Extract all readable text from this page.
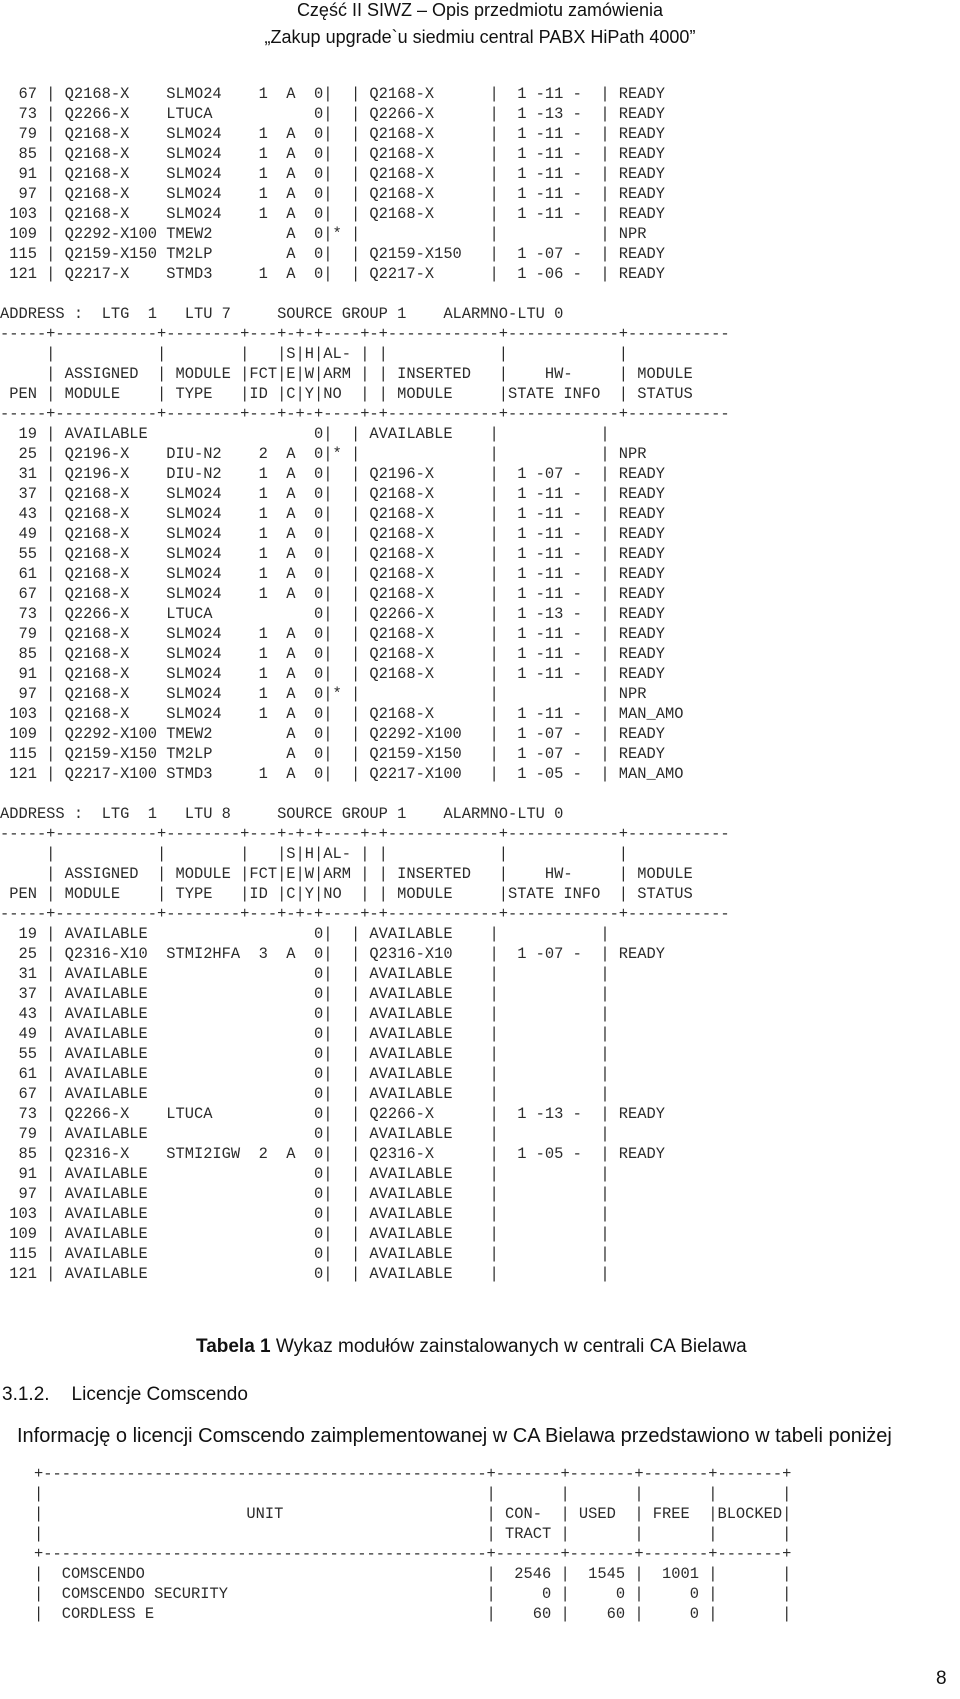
Część II SIWZ – Opis przedmiotu zamówienia
„Zakup upgrade`u siedmiu central PABX HiPath 4000”
67 | Q2168-X    SLMO24    1  A  0|  | Q2168-X      |  1 -11 -  | READY
73 | Q2266-X    LTUCA           0|  | Q2266-X      |  1 -13 -  | READY
79 | Q2168-X    SLMO24    1  A  0|  | Q2168-X      |  1 -11 -  | READY
85 | Q2168-X    SLMO24    1  A  0|  | Q2168-X      |  1 -11 -  | READY
91 | Q2168-X    SLMO24    1  A  0|  | Q2168-X      |  1 -11 -  | READY
97 | Q2168-X    SLMO24    1  A  0|  | Q2168-X      |  1 -11 -  | READY
103 | Q2168-X    SLMO24    1  A  0|  | Q2168-X      |  1 -11 -  | READY
109 | Q2292-X100 TMEW2        A  0|* |              |           | NPR
115 | Q2159-X150 TM2LP        A  0|  | Q2159-X150   |  1 -07 -  | READY
121 | Q2217-X    STMD3     1  A  0|  | Q2217-X      |  1 -06 -  | READY
ADDRESS :  LTG  1   LTU 7     SOURCE GROUP 1    ALARMNO-LTU 0
-----+-----------+--------+---+-+-+----+-+------------+------------+-----------
|           |        |   |S|H|AL- | |            |            |
| ASSIGNED  | MODULE |FCT|E|W|ARM | | INSERTED   |    HW-     | MODULE
PEN | MODULE    | TYPE   |ID |C|Y|NO  | | MODULE     |STATE INFO  | STATUS
-----+-----------+--------+---+-+-+----+-+------------+------------+-----------
19 | AVAILABLE                  0|  | AVAILABLE    |           |
25 | Q2196-X    DIU-N2    2  A  0|* |              |           | NPR
31 | Q2196-X    DIU-N2    1  A  0|  | Q2196-X      |  1 -07 -  | READY
37 | Q2168-X    SLMO24    1  A  0|  | Q2168-X      |  1 -11 -  | READY
43 | Q2168-X    SLMO24    1  A  0|  | Q2168-X      |  1 -11 -  | READY
49 | Q2168-X    SLMO24    1  A  0|  | Q2168-X      |  1 -11 -  | READY
55 | Q2168-X    SLMO24    1  A  0|  | Q2168-X      |  1 -11 -  | READY
61 | Q2168-X    SLMO24    1  A  0|  | Q2168-X      |  1 -11 -  | READY
67 | Q2168-X    SLMO24    1  A  0|  | Q2168-X      |  1 -11 -  | READY
73 | Q2266-X    LTUCA           0|  | Q2266-X      |  1 -13 -  | READY
79 | Q2168-X    SLMO24    1  A  0|  | Q2168-X      |  1 -11 -  | READY
85 | Q2168-X    SLMO24    1  A  0|  | Q2168-X      |  1 -11 -  | READY
91 | Q2168-X    SLMO24    1  A  0|  | Q2168-X      |  1 -11 -  | READY
97 | Q2168-X    SLMO24    1  A  0|* |              |           | NPR
103 | Q2168-X    SLMO24    1  A  0|  | Q2168-X      |  1 -11 -  | MAN_AMO
109 | Q2292-X100 TMEW2        A  0|  | Q2292-X100   |  1 -07 -  | READY
115 | Q2159-X150 TM2LP        A  0|  | Q2159-X150   |  1 -07 -  | READY
121 | Q2217-X100 STMD3     1  A  0|  | Q2217-X100   |  1 -05 -  | MAN_AMO
ADDRESS :  LTG  1   LTU 8     SOURCE GROUP 1    ALARMNO-LTU 0
-----+-----------+--------+---+-+-+----+-+------------+------------+-----------
|           |        |   |S|H|AL- | |            |            |
| ASSIGNED  | MODULE |FCT|E|W|ARM | | INSERTED   |    HW-     | MODULE
PEN | MODULE    | TYPE   |ID |C|Y|NO  | | MODULE     |STATE INFO  | STATUS
-----+-----------+--------+---+-+-+----+-+------------+------------+-----------
19 | AVAILABLE                  0|  | AVAILABLE    |           |
25 | Q2316-X10  STMI2HFA  3  A  0|  | Q2316-X10    |  1 -07 -  | READY
31 | AVAILABLE                  0|  | AVAILABLE    |           |
37 | AVAILABLE                  0|  | AVAILABLE    |           |
43 | AVAILABLE                  0|  | AVAILABLE    |           |
49 | AVAILABLE                  0|  | AVAILABLE    |           |
55 | AVAILABLE                  0|  | AVAILABLE    |           |
61 | AVAILABLE                  0|  | AVAILABLE    |           |
67 | AVAILABLE                  0|  | AVAILABLE    |           |
73 | Q2266-X    LTUCA           0|  | Q2266-X      |  1 -13 -  | READY
79 | AVAILABLE                  0|  | AVAILABLE    |           |
85 | Q2316-X    STMI2IGW  2  A  0|  | Q2316-X      |  1 -05 -  | READY
91 | AVAILABLE                  0|  | AVAILABLE    |           |
97 | AVAILABLE                  0|  | AVAILABLE    |           |
103 | AVAILABLE                  0|  | AVAILABLE    |           |
109 | AVAILABLE                  0|  | AVAILABLE    |           |
115 | AVAILABLE                  0|  | AVAILABLE    |           |
121 | AVAILABLE                  0|  | AVAILABLE    |           |
Tabela 1 Wykaz modułów zainstalowanych w centrali CA Bielawa
3.1.2. Licencje Comscendo
Informację o licencji Comscendo zaimplementowanej w CA Bielawa przedstawiono w tabeli poniżej
+------------------------------------------------+-------+-------+-------+-------+
|                                                |       |       |       |       |
|                      UNIT                      | CON-  | USED  | FREE  |BLOCKED|
|                                                | TRACT |       |       |       |
+------------------------------------------------+-------+-------+-------+-------+
|  COMSCENDO                                     |  2546 |  1545 |  1001 |       |
|  COMSCENDO SECURITY                            |     0 |     0 |     0 |       |
|  CORDLESS E                                    |    60 |    60 |     0 |       |
8
